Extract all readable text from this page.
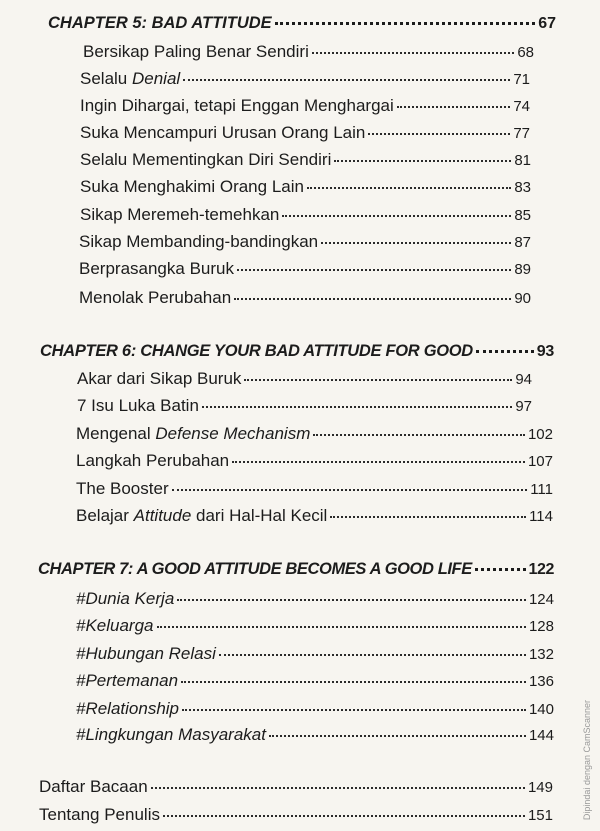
CHAPTER 5: BAD ATTITUDE	67
Bersikap Paling Benar Sendiri	68
Selalu Denial	71
Ingin Dihargai, tetapi Enggan Menghargai	74
Suka Mencampuri Urusan Orang Lain	77
Selalu Mementingkan Diri Sendiri	81
Suka Menghakimi Orang Lain	83
Sikap Meremeh-temehkan	85
Sikap Membanding-bandingkan	87
Berprasangka Buruk	89
Menolak Perubahan	90
CHAPTER 6: CHANGE YOUR BAD ATTITUDE FOR GOOD	93
Akar dari Sikap Buruk	94
7 Isu Luka Batin	97
Mengenal Defense Mechanism	102
Langkah Perubahan	107
The Booster	111
Belajar Attitude dari Hal-Hal Kecil	114
CHAPTER 7: A GOOD ATTITUDE BECOMES A GOOD LIFE	122
#Dunia Kerja	124
#Keluarga	128
#Hubungan Relasi	132
#Pertemanan	136
#Relationship	140
#Lingkungan Masyarakat	144
Daftar Bacaan	149
Tentang Penulis	151	Dipindai dengan CamScanner
